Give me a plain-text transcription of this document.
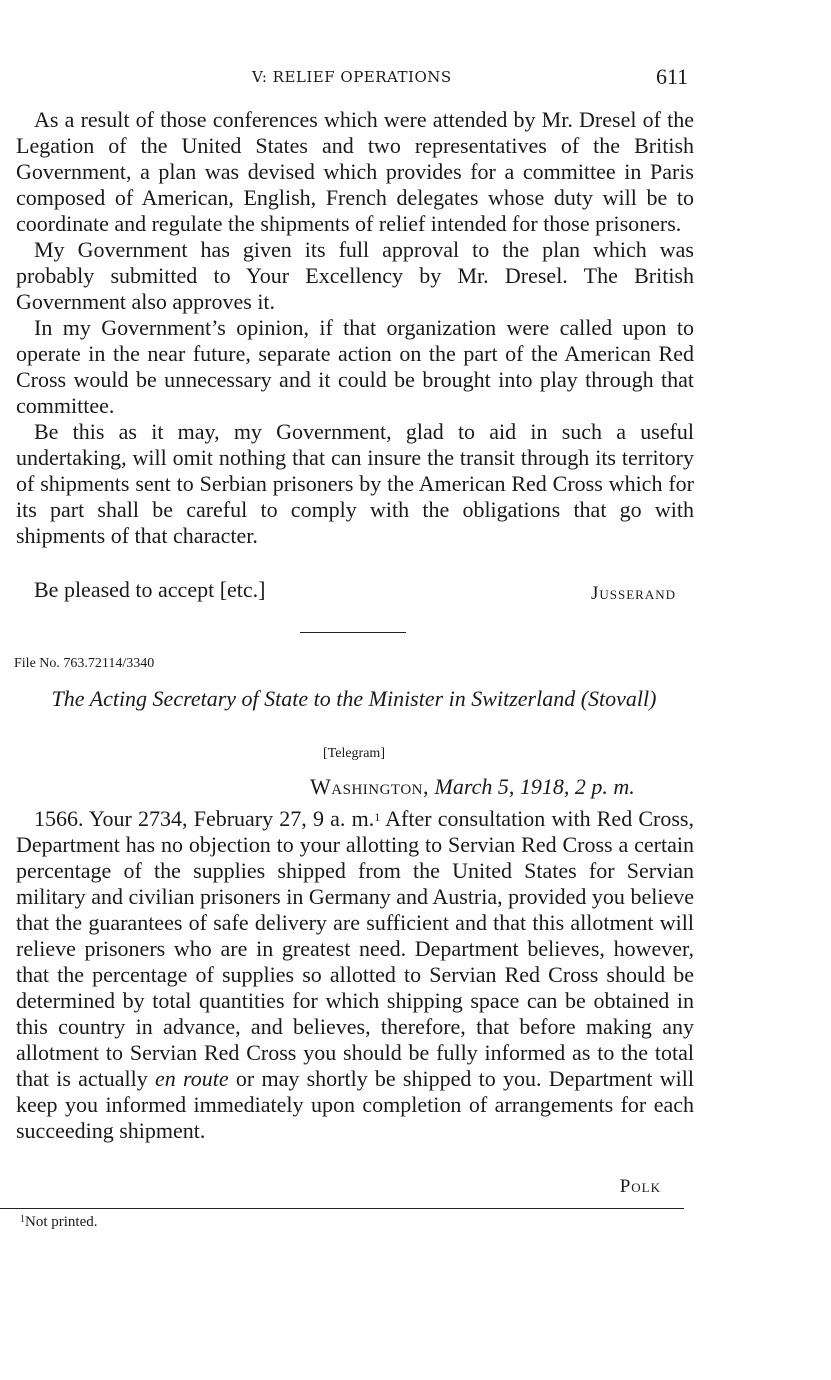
V: RELIEF OPERATIONS	611

As a result of those conferences which were attended by Mr. Dresel of the Legation of the United States and two representatives of the British Government, a plan was devised which provides for a committee in Paris composed of American, English, French delegates whose duty will be to coordinate and regulate the shipments of relief intended for those prisoners.

My Government has given its full approval to the plan which was probably submitted to Your Excellency by Mr. Dresel. The British Government also approves it.

In my Government’s opinion, if that organization were called upon to operate in the near future, separate action on the part of the American Red Cross would be unnecessary and it could be brought into play through that committee.

Be this as it may, my Government, glad to aid in such a useful undertaking, will omit nothing that can insure the transit through its territory of shipments sent to Serbian prisoners by the American Red Cross which for its part shall be careful to comply with the obligations that go with shipments of that character.

Be pleased to accept [etc.]	Jusserand
File No. 763.72114/3340
The Acting Secretary of State to the Minister in Switzerland (Stovall)
[Telegram]
Washington, March 5, 1918, 2 p. m.

1566. Your 2734, February 27, 9 a. m.$^1$ After consultation with Red Cross, Department has no objection to your allotting to Servian Red Cross a certain percentage of the supplies shipped from the United States for Servian military and civilian prisoners in Germany and Austria, provided you believe that the guarantees of safe delivery are sufficient and that this allotment will relieve prisoners who are in greatest need. Department believes, however, that the percentage of supplies so allotted to Servian Red Cross should be determined by total quantities for which shipping space can be obtained in this country in advance, and believes, therefore, that before making any allotment to Servian Red Cross you should be fully informed as to the total that is actually en route or may shortly be shipped to you. Department will keep you informed immediately upon completion of arrangements for each succeeding shipment.

Polk
$^1$Not printed.
